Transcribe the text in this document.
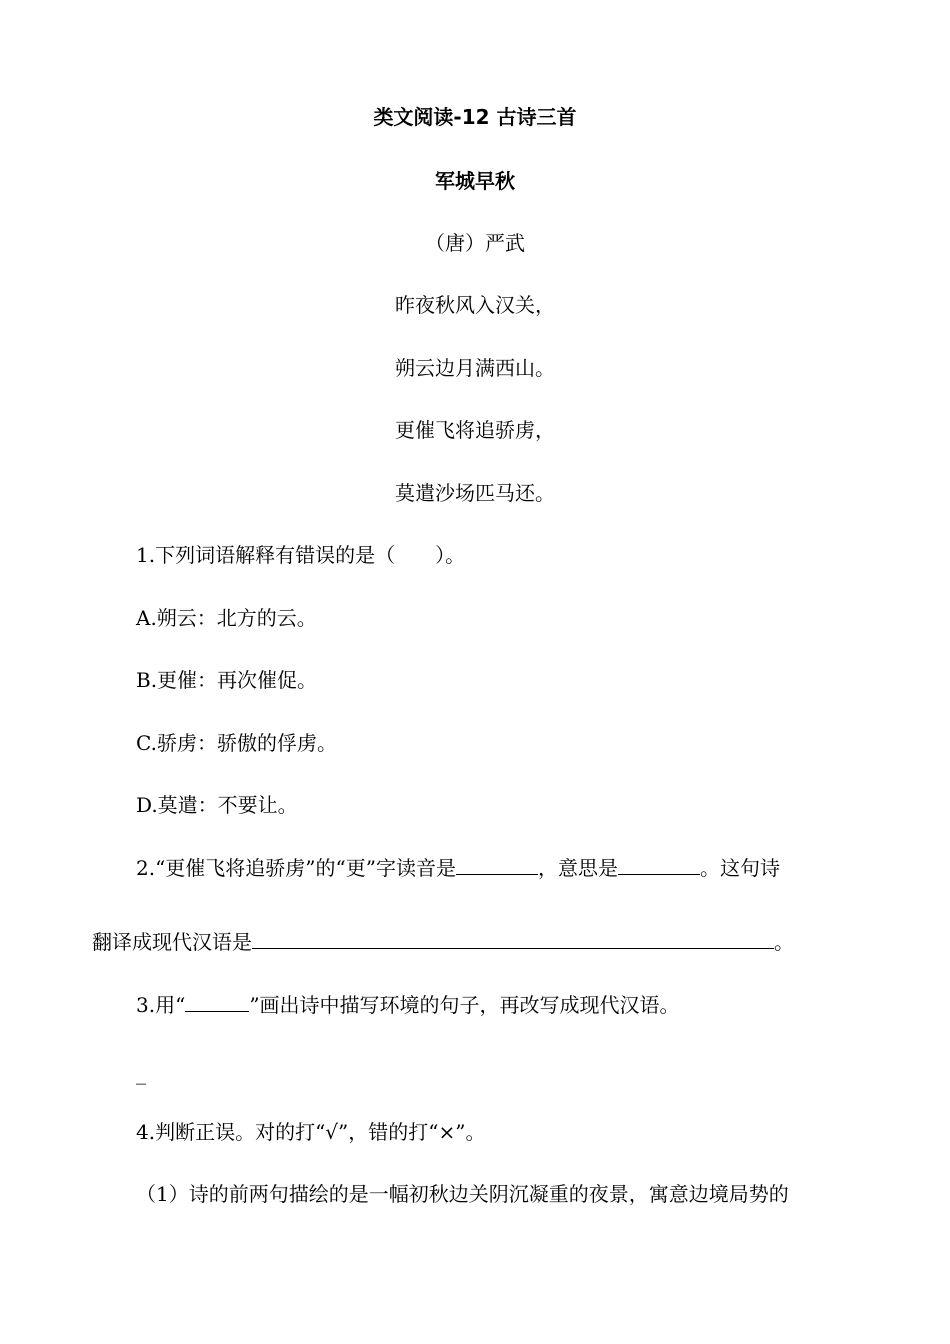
类文阅读-12 古诗三首
军城早秋
（唐）严武
昨夜秋风入汉关，
朔云边月满西山。
更催飞将追骄虏，
莫遣沙场匹马还。
1.下列词语解释有错误的是（　　）。
A.朔云：北方的云。
B.更催：再次催促。
C.骄虏：骄傲的俘虏。
D.莫遣：不要让。
2.“更催飞将追骄虏”的“更”字读音是	，意思是	。这句诗
翻译成现代汉语是	。
3.用“	”画出诗中描写环境的句子，再改写成现代汉语。
_
4.判断正误。对的打“√”，错的打“×”。
（1）诗的前两句描绘的是一幅初秋边关阴沉凝重的夜景，寓意边境局势的
